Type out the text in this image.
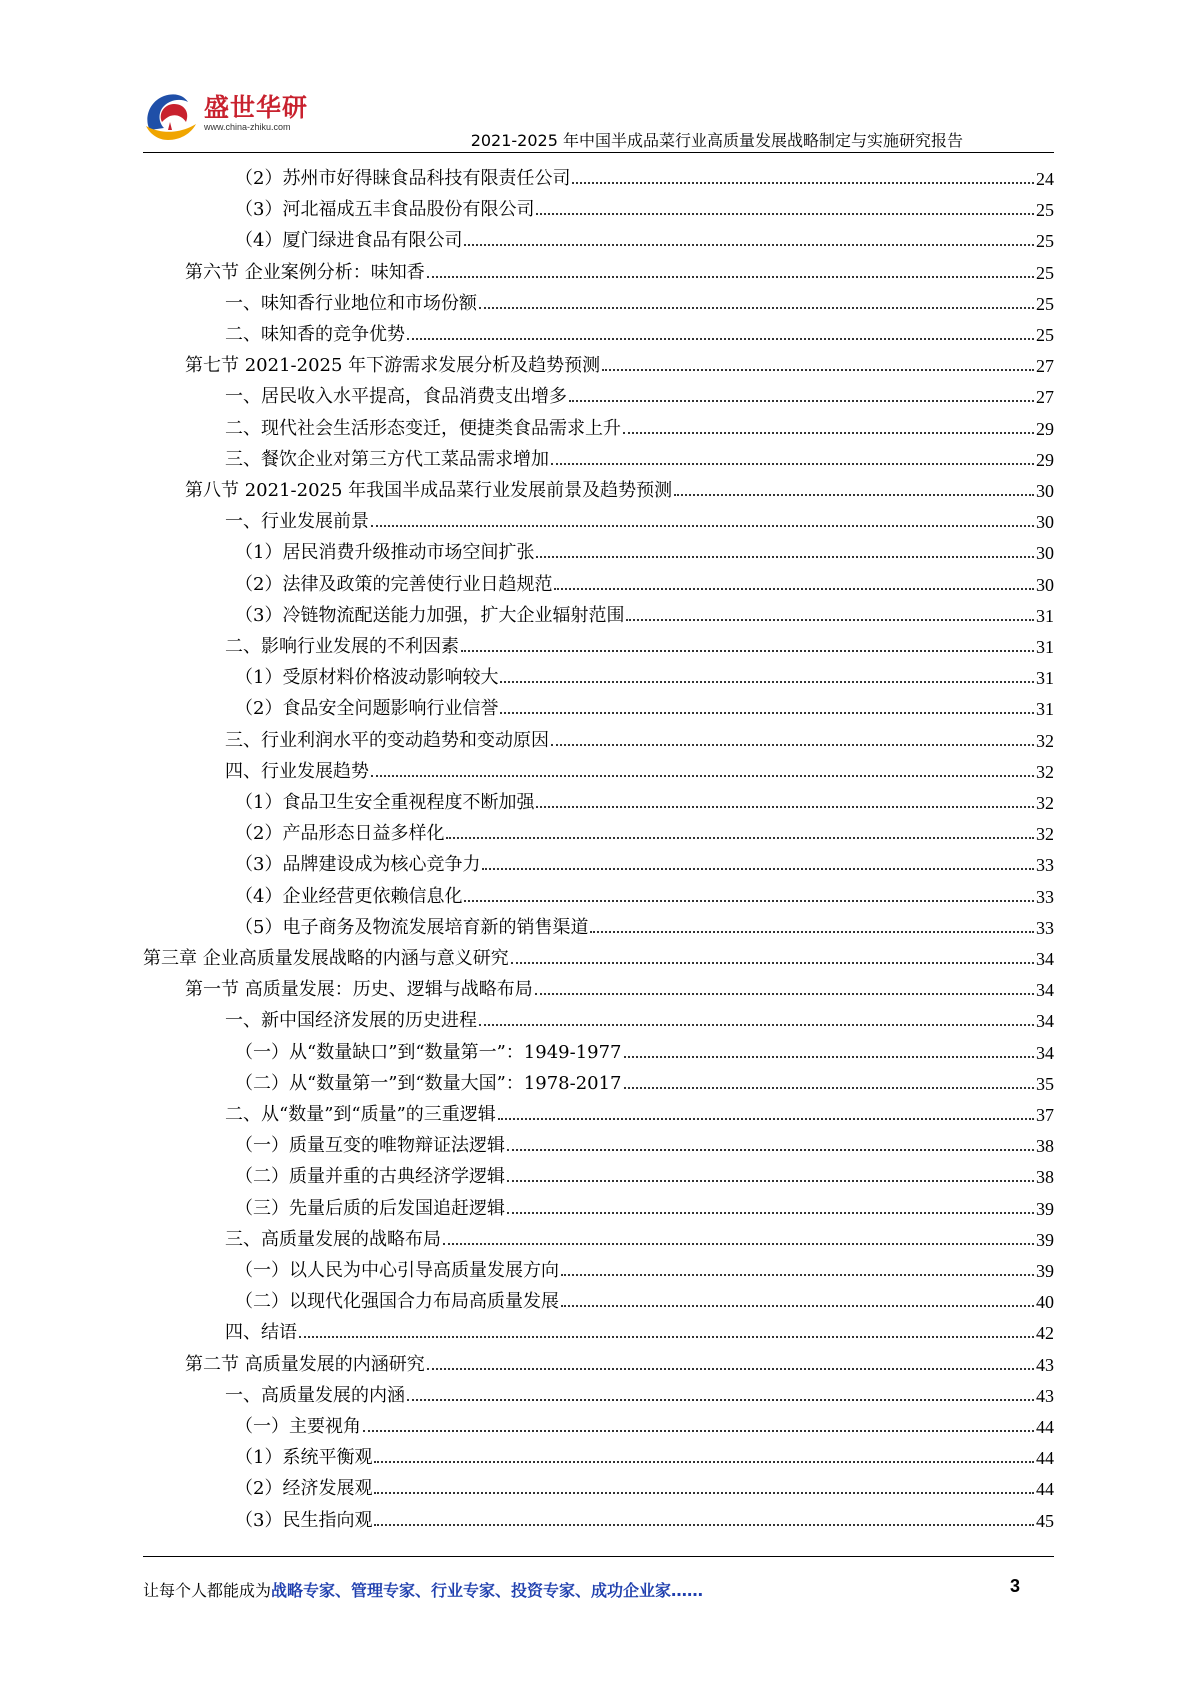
盛世华研
www.china-zhiku.com
2021-2025 年中国半成品菜行业高质量发展战略制定与实施研究报告
（2）苏州市好得睐食品科技有限责任公司	24
（3）河北福成五丰食品股份有限公司	25
（4）厦门绿进食品有限公司	25
第六节 企业案例分析：味知香	25
一、味知香行业地位和市场份额	25
二、味知香的竞争优势	25
第七节 2021-2025 年下游需求发展分析及趋势预测	27
一、居民收入水平提高，食品消费支出增多	27
二、现代社会生活形态变迁，便捷类食品需求上升	29
三、餐饮企业对第三方代工菜品需求增加	29
第八节 2021-2025 年我国半成品菜行业发展前景及趋势预测	30
一、行业发展前景	30
（1）居民消费升级推动市场空间扩张	30
（2）法律及政策的完善使行业日趋规范	30
（3）冷链物流配送能力加强，扩大企业辐射范围	31
二、影响行业发展的不利因素	31
（1）受原材料价格波动影响较大	31
（2）食品安全问题影响行业信誉	31
三、行业利润水平的变动趋势和变动原因	32
四、行业发展趋势	32
（1）食品卫生安全重视程度不断加强	32
（2）产品形态日益多样化	32
（3）品牌建设成为核心竞争力	33
（4）企业经营更依赖信息化	33
（5）电子商务及物流发展培育新的销售渠道	33
第三章 企业高质量发展战略的内涵与意义研究	34
第一节 高质量发展：历史、逻辑与战略布局	34
一、新中国经济发展的历史进程	34
（一）从“数量缺口”到“数量第一”：1949-1977	34
（二）从“数量第一”到“数量大国”：1978-2017	35
二、从“数量”到“质量”的三重逻辑	37
（一）质量互变的唯物辩证法逻辑	38
（二）质量并重的古典经济学逻辑	38
（三）先量后质的后发国追赶逻辑	39
三、高质量发展的战略布局	39
（一）以人民为中心引导高质量发展方向	39
（二）以现代化强国合力布局高质量发展	40
四、结语	42
第二节 高质量发展的内涵研究	43
一、高质量发展的内涵	43
（一）主要视角	44
（1）系统平衡观	44
（2）经济发展观	44
（3）民生指向观	45
让每个人都能成为战略专家、管理专家、行业专家、投资专家、成功企业家……	3
